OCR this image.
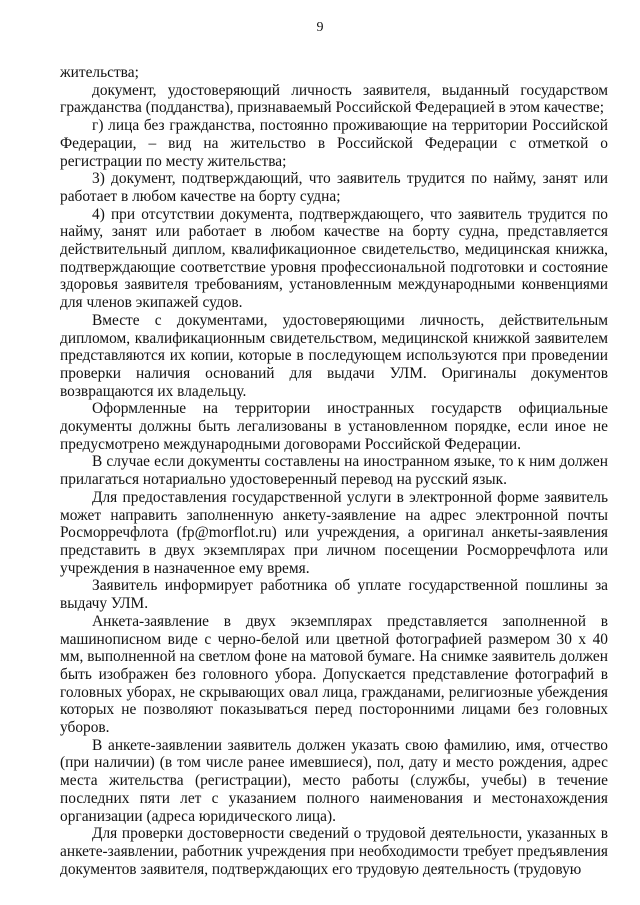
9

жительства;

документ, удостоверяющий личность заявителя, выданный государством гражданства (подданства), признаваемый Российской Федерацией в этом качестве;

г) лица без гражданства, постоянно проживающие на территории Российской Федерации, – вид на жительство в Российской Федерации с отметкой о регистрации по месту жительства;

3) документ, подтверждающий, что заявитель трудится по найму, занят или работает в любом качестве на борту судна;

4) при отсутствии документа, подтверждающего, что заявитель трудится по найму, занят или работает в любом качестве на борту судна, представляется действительный диплом, квалификационное свидетельство, медицинская книжка, подтверждающие соответствие уровня профессиональной подготовки и состояние здоровья заявителя требованиям, установленным международными конвенциями для членов экипажей судов.

Вместе с документами, удостоверяющими личность, действительным дипломом, квалификационным свидетельством, медицинской книжкой заявителем представляются их копии, которые в последующем используются при проведении проверки наличия оснований для выдачи УЛМ. Оригиналы документов возвращаются их владельцу.

Оформленные на территории иностранных государств официальные документы должны быть легализованы в установленном порядке, если иное не предусмотрено международными договорами Российской Федерации.

В случае если документы составлены на иностранном языке, то к ним должен прилагаться нотариально удостоверенный перевод на русский язык.

Для предоставления государственной услуги в электронной форме заявитель может направить заполненную анкету-заявление на адрес электронной почты Росморречфлота (fp@morflot.ru) или учреждения, а оригинал анкеты-заявления представить в двух экземплярах при личном посещении Росморречфлота или учреждения в назначенное ему время.

Заявитель информирует работника об уплате государственной пошлины за выдачу УЛМ.

Анкета-заявление в двух экземплярах представляется заполненной в машинописном виде с черно-белой или цветной фотографией размером 30 х 40 мм, выполненной на светлом фоне на матовой бумаге. На снимке заявитель должен быть изображен без головного убора. Допускается представление фотографий в головных уборах, не скрывающих овал лица, гражданами, религиозные убеждения которых не позволяют показываться перед посторонними лицами без головных уборов.

В анкете-заявлении заявитель должен указать свою фамилию, имя, отчество (при наличии) (в том числе ранее имевшиеся), пол, дату и место рождения, адрес места жительства (регистрации), место работы (службы, учебы) в течение последних пяти лет с указанием полного наименования и местонахождения организации (адреса юридического лица).

Для проверки достоверности сведений о трудовой деятельности, указанных в анкете-заявлении, работник учреждения при необходимости требует предъявления документов заявителя, подтверждающих его трудовую деятельность (трудовую
